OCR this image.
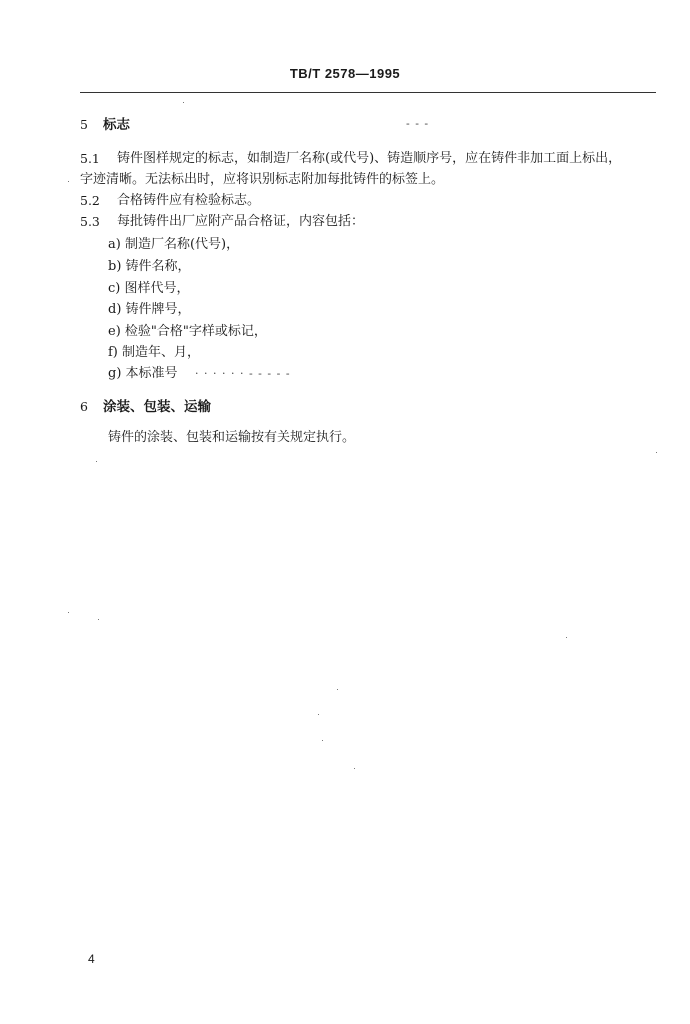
TB/T 2578—1995
5 标志	- - -
5.1 铸件图样规定的标志，如制造厂名称(或代号)、铸造顺序号，应在铸件非加工面上标出，
字迹清晰。无法标出时，应将识别标志附加每批铸件的标签上。
5.2 合格铸件应有检验标志。
5.3 每批铸件出厂应附产品合格证，内容包括：
a) 制造厂名称(代号)，
b) 铸件名称，
c) 图样代号，
d) 铸件牌号，
e) 检验"合格"字样或标记，
f) 制造年、月，
g) 本标准号 · · · · · · - - - - -
6 涂装、包装、运输
铸件的涂装、包装和运输按有关规定执行。
4
